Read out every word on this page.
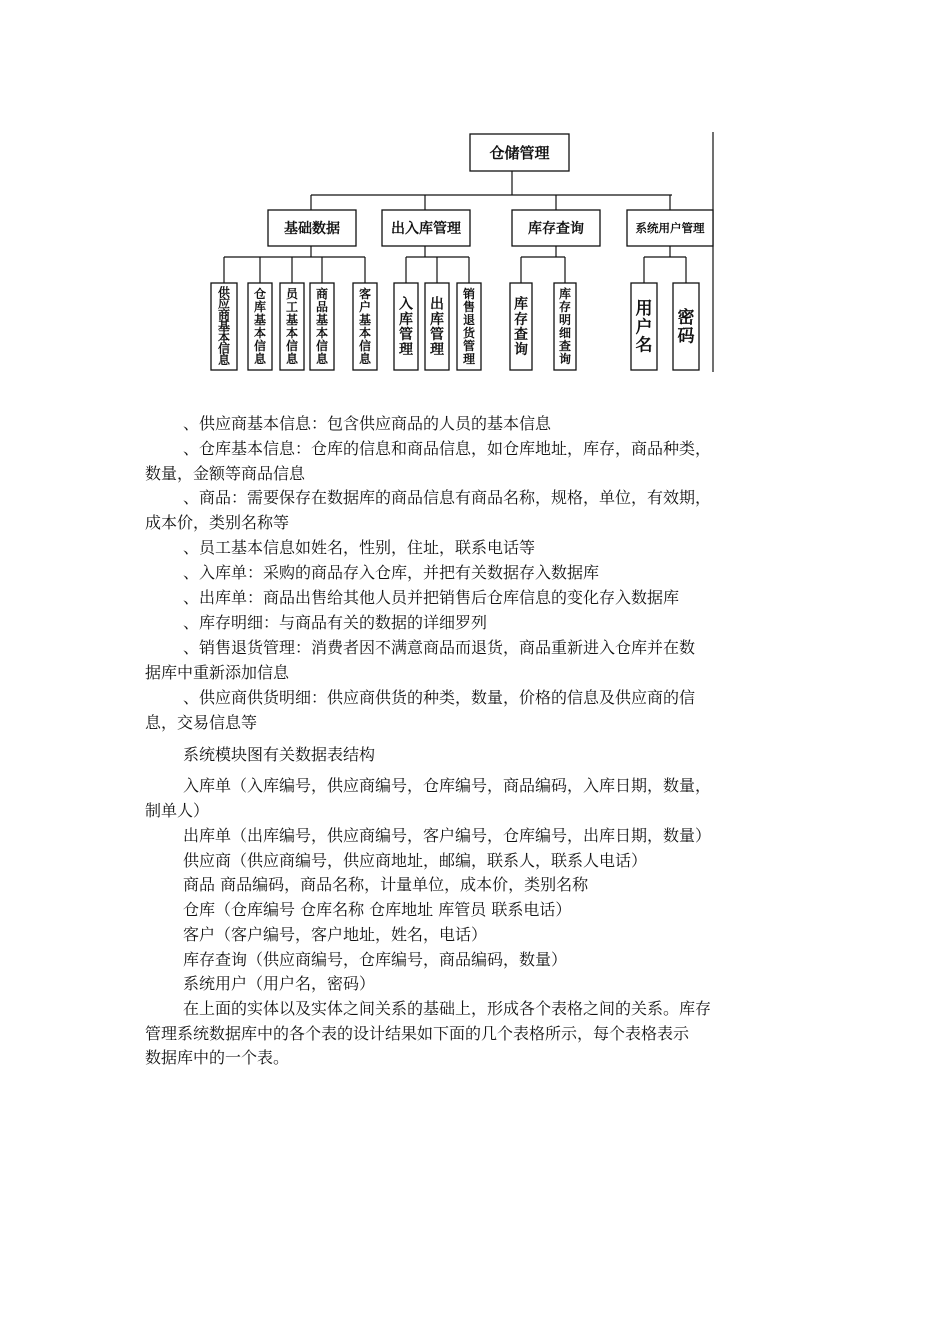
仓储管理
基础数据
供
应
商
基
本
信
息
仓
库
基
本
信
息
员
工
基
本
信
息
商
品
基
本
信
息
客
户
基
本
信
息
出入库管理
入
库
管
理
出
库
管
理
销
售
退
货
管
理
库存查询
库
存
查
询
库
存
明
细
查
询
系统用户管理
用
户
名
密
码
、供应商基本信息：包含供应商品的人员的基本信息
、仓库基本信息：仓库的信息和商品信息，如仓库地址，库存，商品种类，
数量，金额等商品信息
、商品：需要保存在数据库的商品信息有商品名称，规格，单位，有效期，
成本价，类别名称等
、员工基本信息如姓名，性别，住址，联系电话等
、入库单：采购的商品存入仓库，并把有关数据存入数据库
、出库单：商品出售给其他人员并把销售后仓库信息的变化存入数据库
、库存明细：与商品有关的数据的详细罗列
、销售退货管理：消费者因不满意商品而退货，商品重新进入仓库并在数
据库中重新添加信息
、供应商供货明细：供应商供货的种类，数量，价格的信息及供应商的信
息，交易信息等
系统模块图有关数据表结构
入库单（入库编号，供应商编号，仓库编号，商品编码，入库日期，数量，
制单人）
出库单（出库编号，供应商编号，客户编号，仓库编号，出库日期，数量）
供应商（供应商编号，供应商地址，邮编，联系人，联系人电话）
商品 商品编码，商品名称，计量单位，成本价，类别名称
仓库（仓库编号 仓库名称 仓库地址 库管员 联系电话）
客户（客户编号，客户地址，姓名，电话）
库存查询（供应商编号，仓库编号，商品编码，数量）
系统用户（用户名，密码）
在上面的实体以及实体之间关系的基础上，形成各个表格之间的关系。库存
管理系统数据库中的各个表的设计结果如下面的几个表格所示，每个表格表示
数据库中的一个表。
